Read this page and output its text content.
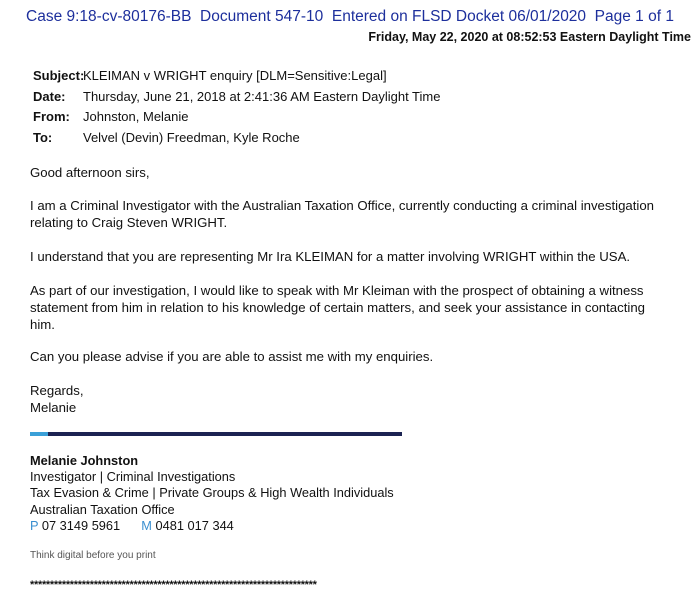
Case 9:18-cv-80176-BB Document 547-10 Entered on FLSD Docket 06/01/2020 Page 1 of 1
Friday, May 22, 2020 at 08:52:53 Eastern Daylight Time
Subject:
KLEIMAN v WRIGHT enquiry [DLM=Sensitive:Legal]
Date:	Thursday, June 21, 2018 at 2:41:36 AM Eastern Daylight Time
From:	Johnston, Melanie
To:	Velvel (Devin) Freedman, Kyle Roche

Good afternoon sirs,

I am a Criminal Investigator with the Australian Taxation Office, currently conducting a criminal investigation

relating to Craig Steven WRIGHT.

I understand that you are representing Mr Ira KLEIMAN for a matter involving WRIGHT within the USA.

As part of our investigation, I would like to speak with Mr Kleiman with the prospect of obtaining a witness

statement from him in relation to his knowledge of certain matters, and seek your assistance in contacting

him.

Can you please advise if you are able to assist me with my enquiries.

Regards,

Melanie

Melanie Johnston
Investigator | Criminal Investigations
Tax Evasion & Crime | Private Groups & High Wealth Individuals
Australian Taxation Office
P 07 3149 5961 M 0481 017 344
Think digital before you print
************************************************************************
